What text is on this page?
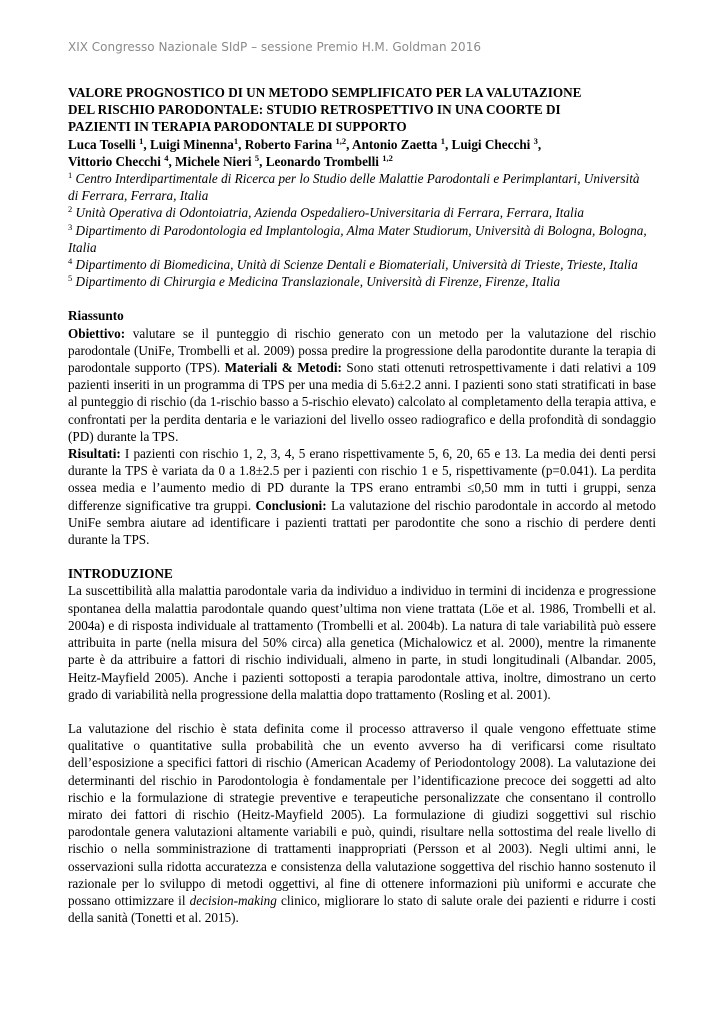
XIX Congresso Nazionale SIdP – sessione Premio H.M. Goldman 2016

VALORE PROGNOSTICO DI UN METODO SEMPLIFICATO PER LA VALUTAZIONE
DEL RISCHIO PARODONTALE: STUDIO RETROSPETTIVO IN UNA COORTE DI
PAZIENTI IN TERAPIA PARODONTALE DI SUPPORTO

Luca Toselli $^1$, Luigi Minenna$^1$, Roberto Farina $^{1,2}$, Antonio Zaetta $^1$, Luigi Checchi $^3$,
Vittorio Checchi $^4$, Michele Nieri $^5$, Leonardo Trombelli $^{1,2}$

$^1$ Centro Interdipartimentale di Ricerca per lo Studio delle Malattie Parodontali e Perimplantari, Università
di Ferrara, Ferrara, Italia
$^2$ Unità Operativa di Odontoiatria, Azienda Ospedaliero-Universitaria di Ferrara, Ferrara, Italia
$^3$ Dipartimento di Parodontologia ed Implantologia, Alma Mater Studiorum, Università di Bologna, Bologna,
Italia
$^4$ Dipartimento di Biomedicina, Unità di Scienze Dentali e Biomateriali, Università di Trieste, Trieste, Italia
$^5$ Dipartimento di Chirurgia e Medicina Translazionale, Università di Firenze, Firenze, Italia

Riassunto

Obiettivo: valutare se il punteggio di rischio generato con un metodo per la valutazione del rischio parodontale (UniFe, Trombelli et al. 2009) possa predire la progressione della parodontite durante la terapia di parodontale supporto (TPS). Materiali & Metodi: Sono stati ottenuti retrospettivamente i dati relativi a 109 pazienti inseriti in un programma di TPS per una media di 5.6±2.2 anni. I pazienti sono stati stratificati in base al punteggio di rischio (da 1-rischio basso a 5-rischio elevato) calcolato al completamento della terapia attiva, e confrontati per la perdita dentaria e le variazioni del livello osseo radiografico e della profondità di sondaggio (PD) durante la TPS.

Risultati: I pazienti con rischio 1, 2, 3, 4, 5 erano rispettivamente 5, 6, 20, 65 e 13. La media dei denti persi durante la TPS è variata da 0 a 1.8±2.5 per i pazienti con rischio 1 e 5, rispettivamente (p=0.041). La perdita ossea media e l’aumento medio di PD durante la TPS erano entrambi ≤0,50 mm in tutti i gruppi, senza differenze significative tra gruppi. Conclusioni: La valutazione del rischio parodontale in accordo al metodo UniFe sembra aiutare ad identificare i pazienti trattati per parodontite che sono a rischio di perdere denti durante la TPS.

INTRODUZIONE

La suscettibilità alla malattia parodontale varia da individuo a individuo in termini di incidenza e progressione spontanea della malattia parodontale quando quest’ultima non viene trattata (Löe et al. 1986, Trombelli et al. 2004a) e di risposta individuale al trattamento (Trombelli et al. 2004b). La natura di tale variabilità può essere attribuita in parte (nella misura del 50% circa) alla genetica (Michalowicz et al. 2000), mentre la rimanente parte è da attribuire a fattori di rischio individuali, almeno in parte, in studi longitudinali (Albandar. 2005, Heitz-Mayfield 2005). Anche i pazienti sottoposti a terapia parodontale attiva, inoltre, dimostrano un certo grado di variabilità nella progressione della malattia dopo trattamento (Rosling et al. 2001).

La valutazione del rischio è stata definita come il processo attraverso il quale vengono effettuate stime qualitative o quantitative sulla probabilità che un evento avverso ha di verificarsi come risultato dell’esposizione a specifici fattori di rischio (American Academy of Periodontology 2008). La valutazione dei determinanti del rischio in Parodontologia è fondamentale per l’identificazione precoce dei soggetti ad alto rischio e la formulazione di strategie preventive e terapeutiche personalizzate che consentano il controllo mirato dei fattori di rischio (Heitz-Mayfield 2005). La formulazione di giudizi soggettivi sul rischio parodontale genera valutazioni altamente variabili e può, quindi, risultare nella sottostima del reale livello di rischio o nella somministrazione di trattamenti inappropriati (Persson et al 2003). Negli ultimi anni, le osservazioni sulla ridotta accuratezza e consistenza della valutazione soggettiva del rischio hanno sostenuto il razionale per lo sviluppo di metodi oggettivi, al fine di ottenere informazioni più uniformi e accurate che possano ottimizzare il decision-making clinico, migliorare lo stato di salute orale dei pazienti e ridurre i costi della sanità (Tonetti et al. 2015).
